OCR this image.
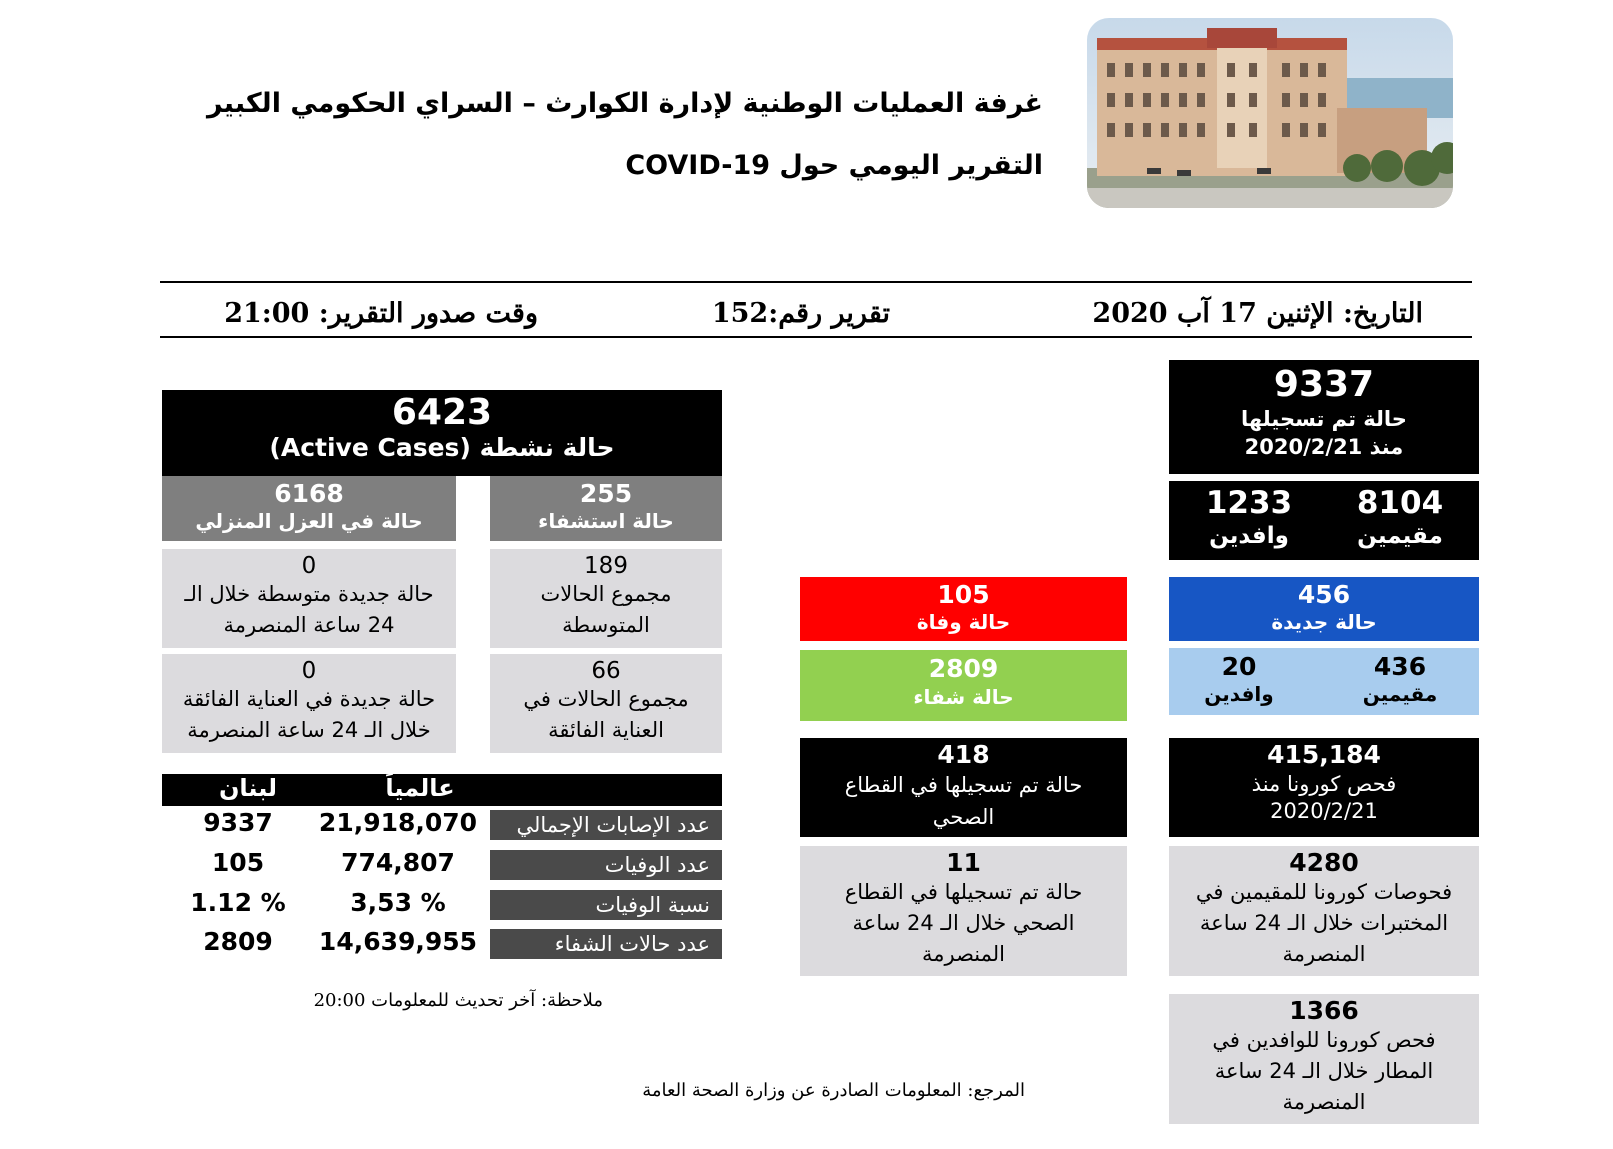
غرفة العمليات الوطنية لإدارة الكوارث – السراي الحكومي الكبير
التقرير اليومي حول COVID-19
التاريخ: الإثنين 17 آب 2020
تقرير رقم:152
وقت صدور التقرير: 21:00
9337
حالة تم تسجيلها
منذ 2020/2/21
8104
مقيمين
1233
وافدين
456
حالة جديدة
436
مقيمين
20
وافدين
415,184
فحص كورونا منذ
2020/2/21
4280
فحوصات كورونا للمقيمين في المختبرات خلال الـ 24 ساعة المنصرمة
1366
فحص كورونا للوافدين في المطار خلال الـ 24 ساعة المنصرمة
105
حالة وفاة
2809
حالة شفاء
418
حالة تم تسجيلها في القطاع الصحي
11
حالة تم تسجيلها في القطاع الصحي خلال الـ 24 ساعة المنصرمة
6423
حالة نشطة (Active Cases)
255
حالة استشفاء
6168
حالة في العزل المنزلي
189
مجموع الحالات المتوسطة
0
حالة جديدة متوسطة خلال الـ 24 ساعة المنصرمة
66
مجموع الحالات في العناية الفائقة
0
حالة جديدة في العناية الفائقة خلال الـ 24 ساعة المنصرمة
لبنان	عالمياً
عدد الإصابات الإجمالي
21,918,070
9337
عدد الوفيات
774,807
105
نسبة الوفيات
3,53 %
1.12 %
عدد حالات الشفاء
14,639,955
2809
ملاحظة: آخر تحديث للمعلومات 20:00
المرجع: المعلومات الصادرة عن وزارة الصحة العامة
